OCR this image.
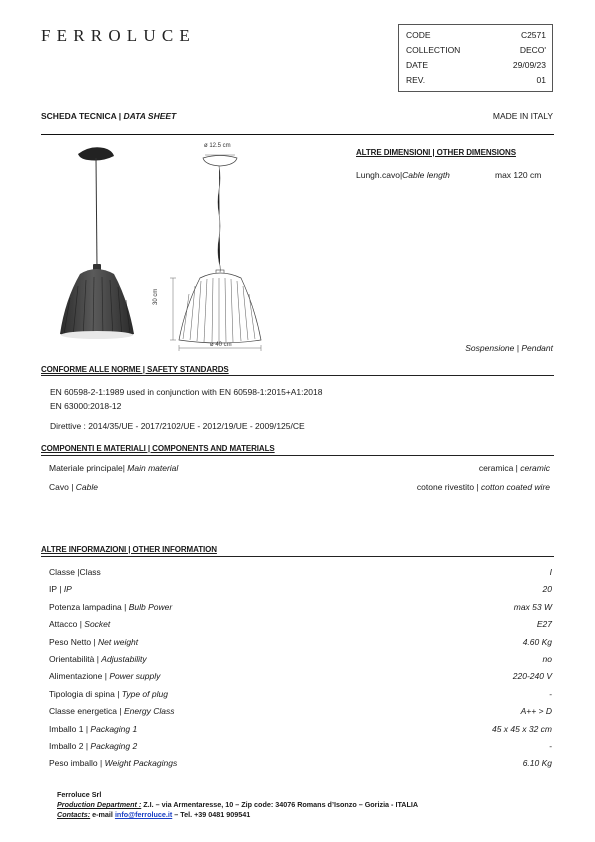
FERROLUCE	CODE	C2571
COLLECTION	DECO'
DATE	29/09/23
REV.	01
SCHEDA TECNICA | DATA SHEET	MADE IN ITALY
ø 12.5 cm
30 cm
ø 40 cm
ALTRE DIMENSIONI | OTHER DIMENSIONS
Lungh.cavo|Cable length	max 120 cm
Sospensione | Pendant
CONFORME ALLE NORME | SAFETY STANDARDS
EN 60598-2-1:1989 used in conjunction with EN 60598-1:2015+A1:2018
EN 63000:2018-12
Direttive : 2014/35/UE - 2017/2102/UE - 2012/19/UE - 2009/125/CE
COMPONENTI E MATERIALI | COMPONENTS AND MATERIALS
Materiale principale| Main material	ceramica | ceramic
Cavo | Cable	cotone rivestito | cotton coated wire
ALTRE INFORMAZIONI | OTHER INFORMATION
Classe |Class	I
IP | IP	20
Potenza lampadina | Bulb Power	max 53 W
Attacco | Socket	E27
Peso Netto | Net weight	4.60 Kg
Orientabilità | Adjustability	no
Alimentazione | Power supply	220-240 V
Tipologia di spina | Type of plug	-
Classe energetica | Energy Class	A++ > D
Imballo 1 | Packaging 1	45 x 45 x 32 cm
Imballo 2 | Packaging 2	-
Peso imballo | Weight Packagings	6.10 Kg
Ferroluce Srl
Production Department : Z.I. – via Armentaresse, 10 – Zip code: 34076 Romans d’Isonzo – Gorizia - ITALIA
Contacts: e-mail info@ferroluce.it – Tel. +39 0481 909541
